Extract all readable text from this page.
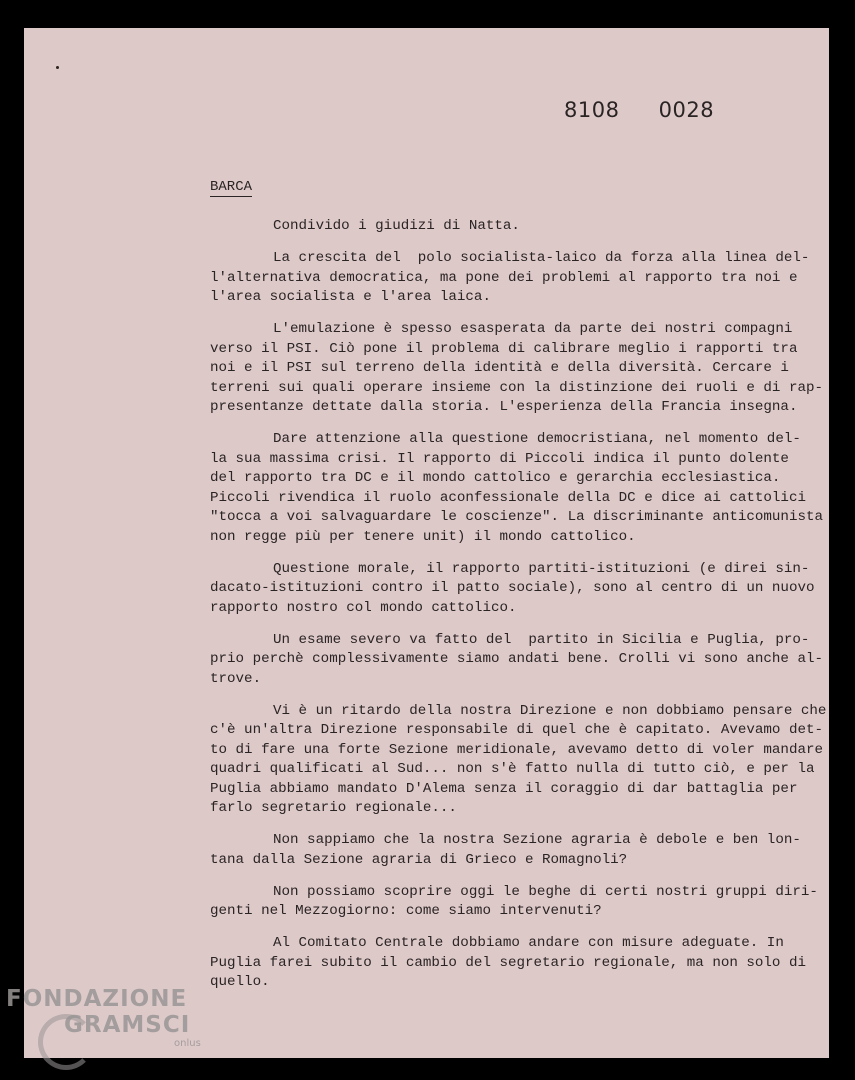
8108 0028
BARCA
Condivido i giudizi di Natta.
La crescita del  polo socialista-laico da forza alla linea del-
l'alternativa democratica, ma pone dei problemi al rapporto tra noi e
l'area socialista e l'area laica.
L'emulazione è spesso esasperata da parte dei nostri compagni
verso il PSI. Ciò pone il problema di calibrare meglio i rapporti tra
noi e il PSI sul terreno della identità e della diversità. Cercare i
terreni sui quali operare insieme con la distinzione dei ruoli e di rap-
presentanze dettate dalla storia. L'esperienza della Francia insegna.
Dare attenzione alla questione democristiana, nel momento del-
la sua massima crisi. Il rapporto di Piccoli indica il punto dolente
del rapporto tra DC e il mondo cattolico e gerarchia ecclesiastica.
Piccoli rivendica il ruolo aconfessionale della DC e dice ai cattolici
"tocca a voi salvaguardare le coscienze". La discriminante anticomunista
non regge più per tenere unit) il mondo cattolico.
Questione morale, il rapporto partiti-istituzioni (e direi sin-
dacato-istituzioni contro il patto sociale), sono al centro di un nuovo
rapporto nostro col mondo cattolico.
Un esame severo va fatto del  partito in Sicilia e Puglia, pro-
prio perchè complessivamente siamo andati bene. Crolli vi sono anche al-
trove.
Vi è un ritardo della nostra Direzione e non dobbiamo pensare che
c'è un'altra Direzione responsabile di quel che è capitato. Avevamo det-
to di fare una forte Sezione meridionale, avevamo detto di voler mandare
quadri qualificati al Sud... non s'è fatto nulla di tutto ciò, e per la
Puglia abbiamo mandato D'Alema senza il coraggio di dar battaglia per
farlo segretario regionale...
Non sappiamo che la nostra Sezione agraria è debole e ben lon-
tana dalla Sezione agraria di Grieco e Romagnoli?
Non possiamo scoprire oggi le beghe di certi nostri gruppi diri-
genti nel Mezzogiorno: come siamo intervenuti?
Al Comitato Centrale dobbiamo andare con misure adeguate. In
Puglia farei subito il cambio del segretario regionale, ma non solo di
quello.
FONDAZIONE
GRAMSCI
onlus
